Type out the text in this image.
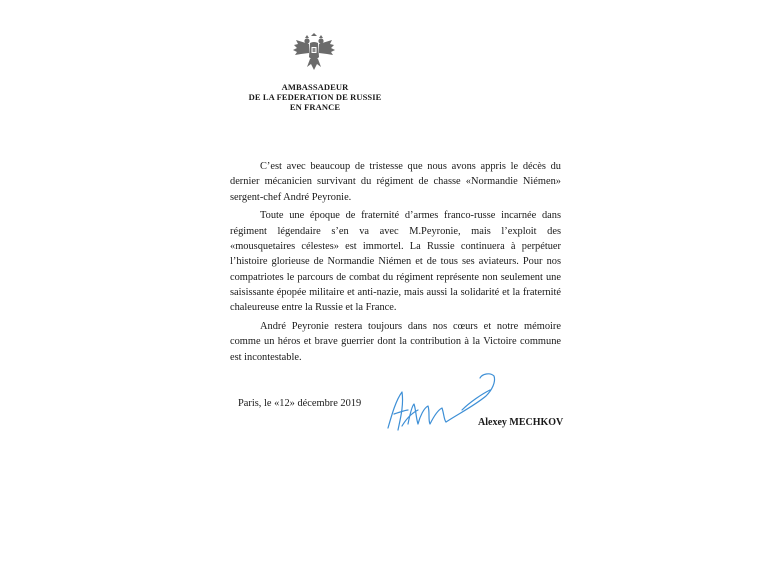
AMBASSADEUR
DE LA FEDERATION DE RUSSIE
EN FRANCE

C’est avec beaucoup de tristesse que nous avons appris le décès du dernier mécanicien survivant du régiment de chasse «Normandie Niémen» sergent-chef André Peyronie.

Toute une époque de fraternité d’armes franco-russe incarnée dans régiment légendaire s’en va avec M.Peyronie, mais l’exploit des «mousquetaires célestes» est immortel. La Russie continuera à perpétuer l’histoire glorieuse de Normandie Niémen et de tous ses aviateurs. Pour nos compatriotes le parcours de combat du régiment représente non seulement une saisissante épopée militaire et anti-nazie, mais aussi la solidarité et la fraternité chaleureuse entre la Russie et la France.

André Peyronie restera toujours dans nos cœurs et notre mémoire comme un héros et brave guerrier dont la contribution à la Victoire commune est incontestable.

Paris, le «12» décembre 2019
Alexey MECHKOV
